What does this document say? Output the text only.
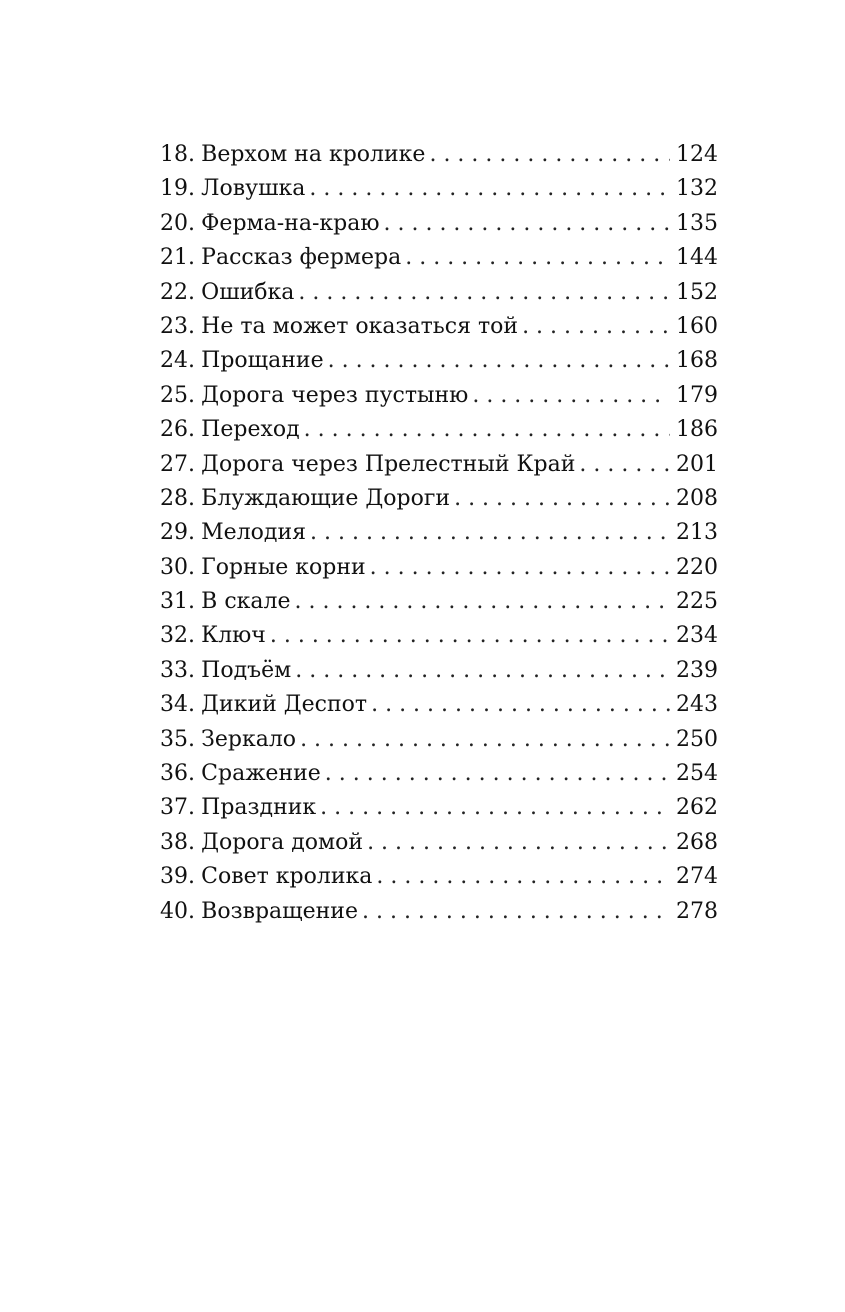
18. Верхом на кролике . . .	124
19. Ловушка . . .	132
20. Ферма-на-краю . . .	135
21. Рассказ фермера . . .	144
22. Ошибка . . .	152
23. Не та может оказаться той . . .	160
24. Прощание . . .	168
25. Дорога через пустыню . . .	179
26. Переход . . .	186
27. Дорога через Прелестный Край . . .	201
28. Блуждающие Дороги . . .	208
29. Мелодия . . .	213
30. Горные корни . . .	220
31. В скале . . .	225
32. Ключ . . .	234
33. Подъём . . .	239
34. Дикий Деспот . . .	243
35. Зеркало . . .	250
36. Сражение . . .	254
37. Праздник . . .	262
38. Дорога домой . . .	268
39. Совет кролика . . .	274
40. Возвращение . . .	278
